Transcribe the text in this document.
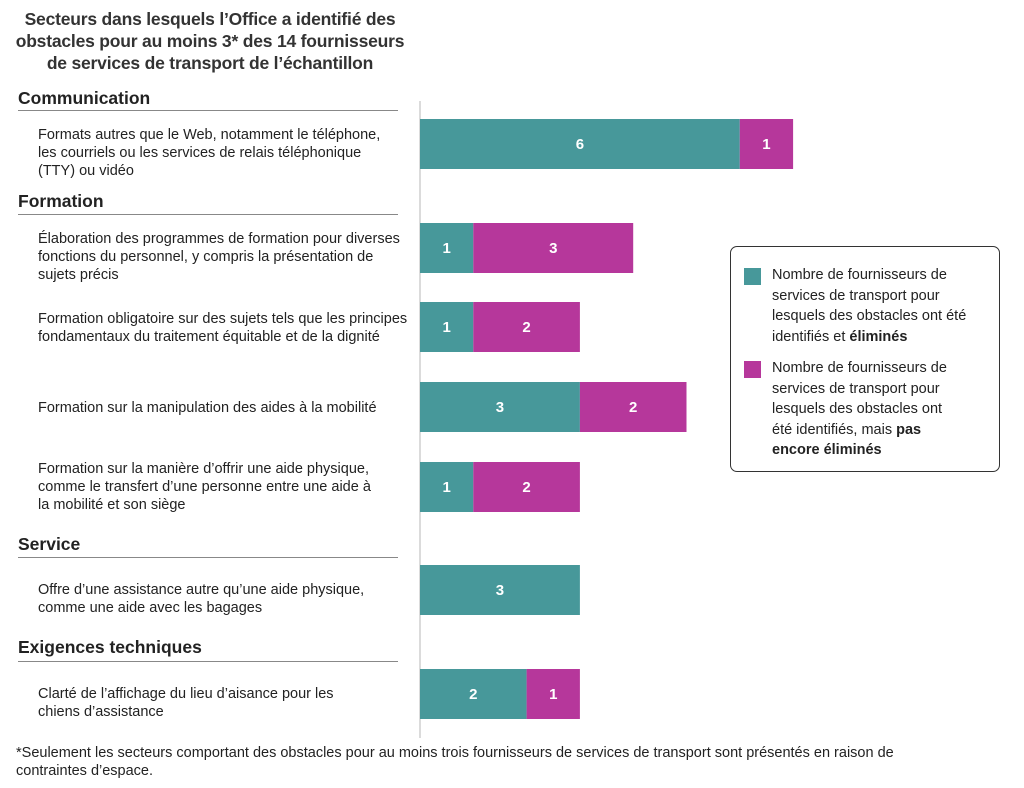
Secteurs dans lesquels l’Office a identifié des
obstacles pour au moins 3* des 14 fournisseurs
de services de transport de l’échantillon
Communication
Formation
Service
Exigences techniques
Formats autres que le Web, notamment le téléphone,
les courriels ou les services de relais téléphonique
(TTY) ou vidéo
Élaboration des programmes de formation pour diverses
fonctions du personnel, y compris la présentation de
sujets précis
Formation obligatoire sur des sujets tels que les principes
fondamentaux du traitement équitable et de la dignité
Formation sur la manipulation des aides à la mobilité
Formation sur la manière d’offrir une aide physique,
comme le transfert d’une personne entre une aide à
la mobilité et son siège
Offre d’une assistance autre qu’une aide physique,
comme une aide avec les bagages
Clarté de l’affichage du lieu d’aisance pour les
chiens d’assistance
6	1
1	3
1	2
3	2
1	2
3
2	1
Nombre de fournisseurs de
services de transport pour
lesquels des obstacles ont été
identifiés et éliminés
Nombre de fournisseurs de
services de transport pour
lesquels des obstacles ont
été identifiés, mais pas
encore éliminés
*Seulement les secteurs comportant des obstacles pour au moins trois fournisseurs de services de transport sont présentés en raison de
contraintes d’espace.
